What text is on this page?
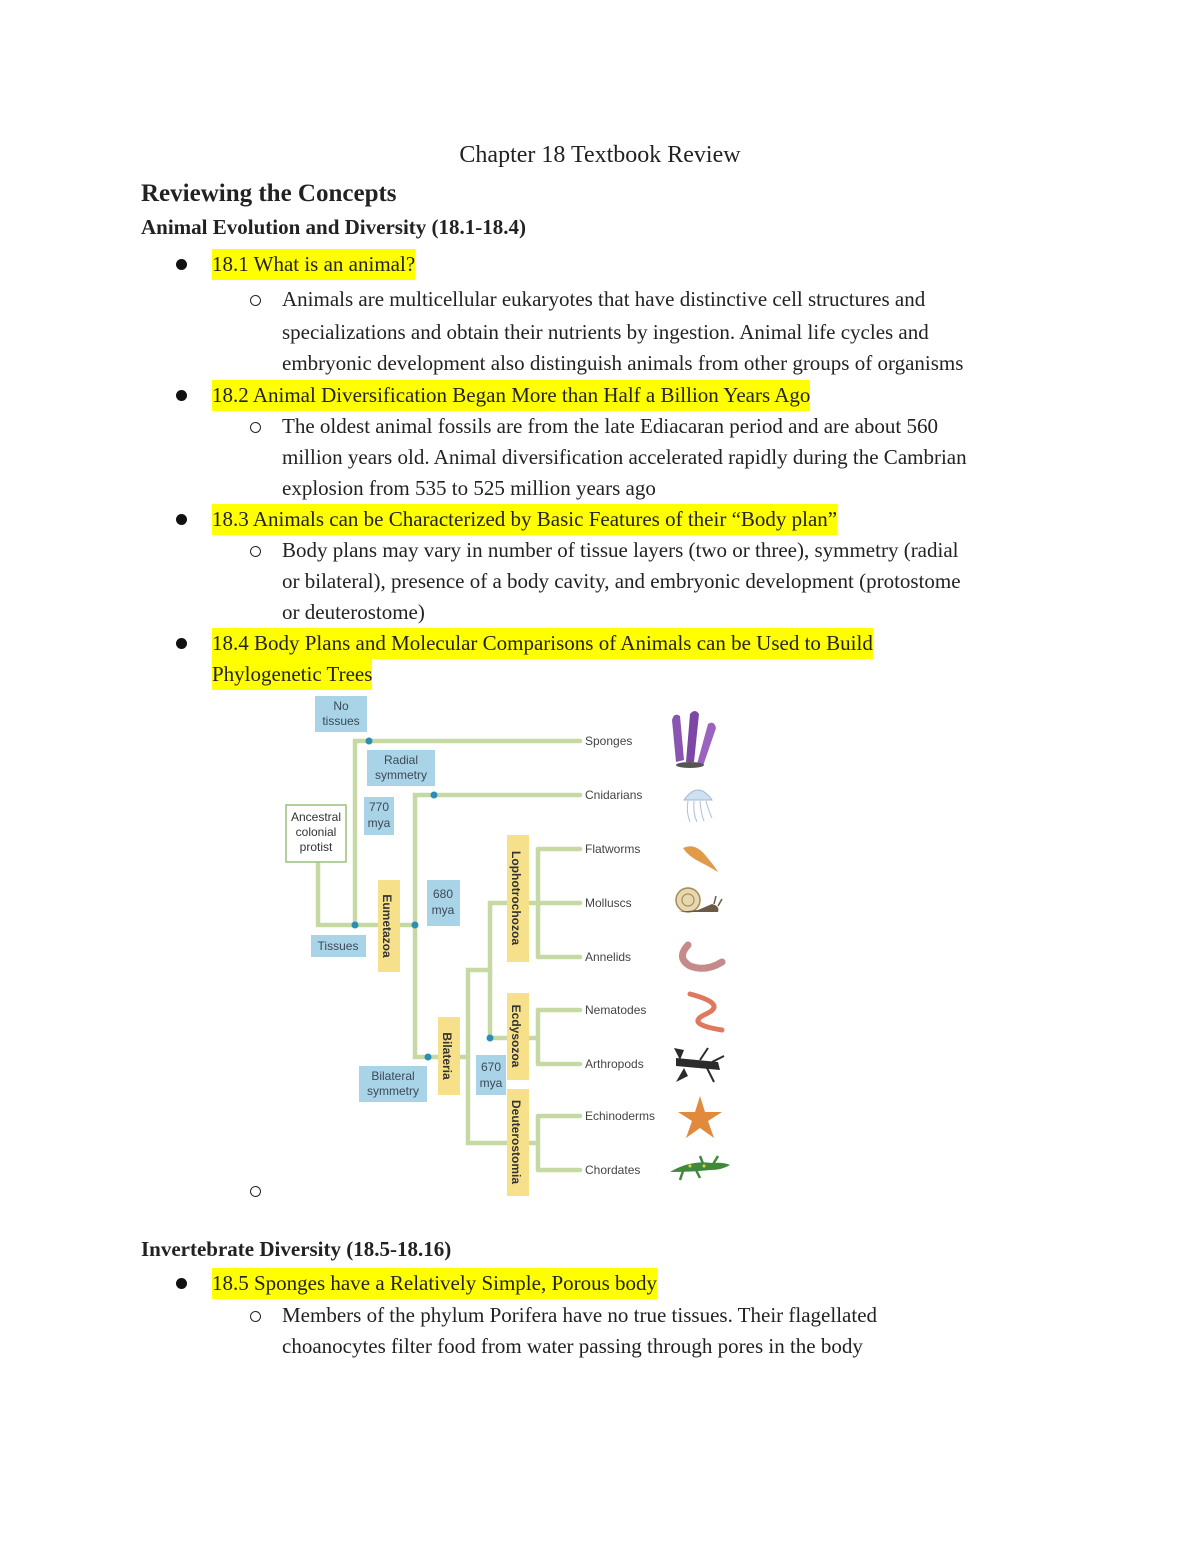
Chapter 18 Textbook Review
Reviewing the Concepts
Animal Evolution and Diversity (18.1-18.4)
18.1 What is an animal?
Animals are multicellular eukaryotes that have distinctive cell structures and
specializations and obtain their nutrients by ingestion. Animal life cycles and
embryonic development also distinguish animals from other groups of organisms
18.2 Animal Diversification Began More than Half a Billion Years Ago
The oldest animal fossils are from the late Ediacaran period and are about 560
million years old. Animal diversification accelerated rapidly during the Cambrian
explosion from 535 to 525 million years ago
18.3 Animals can be Characterized by Basic Features of their “Body plan”
Body plans may vary in number of tissue layers (two or three), symmetry (radial
or bilateral), presence of a body cavity, and embryonic development (protostome
or deuterostome)
18.4 Body Plans and Molecular Comparisons of Animals can be Used to Build
Phylogenetic Trees
Ancestral
colonial
protist
No
tissues
Radial
symmetry
770
mya
680
mya
Tissues
Bilateral
symmetry
670
mya
Eumetazoa
Bilateria
Lophotrochozoa
Ecdysozoa
Deuterostomia
Sponges
Cnidarians
Flatworms
Molluscs
Annelids
Nematodes
Arthropods
Echinoderms
Chordates
Invertebrate Diversity (18.5-18.16)
18.5 Sponges have a Relatively Simple, Porous body
Members of the phylum Porifera have no true tissues. Their flagellated
choanocytes filter food from water passing through pores in the body
